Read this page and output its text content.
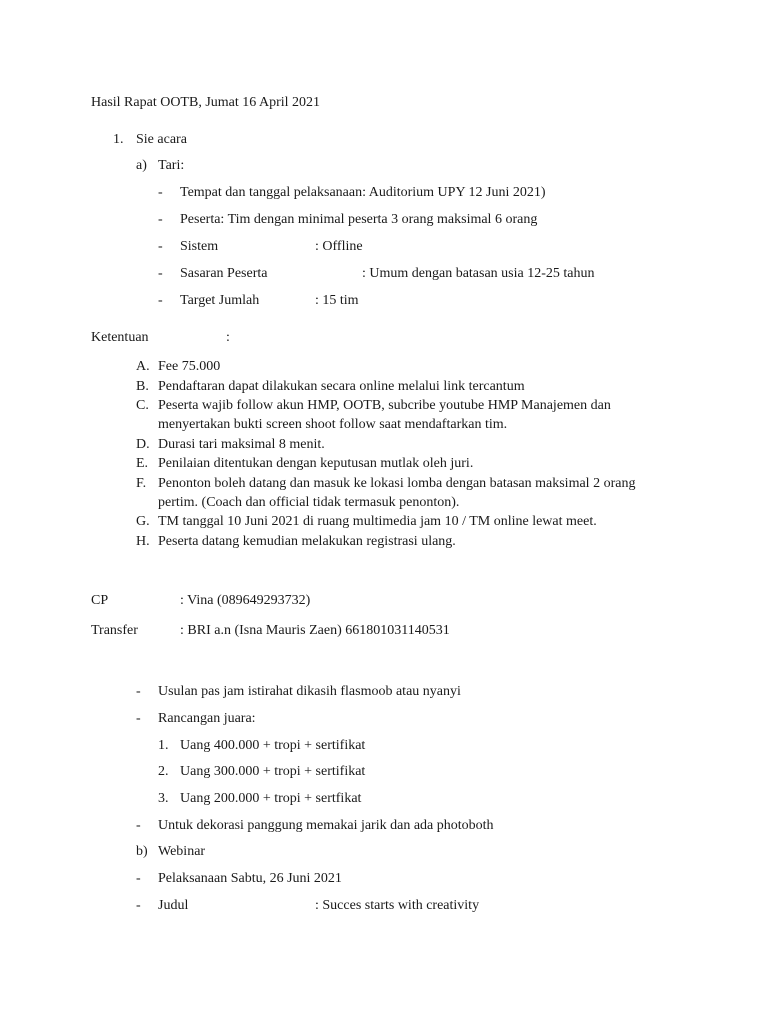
Hasil Rapat OOTB, Jumat 16 April 2021
1. Sie acara
a) Tari:
- Tempat dan tanggal pelaksanaan: Auditorium UPY 12 Juni 2021)
- Peserta: Tim dengan minimal peserta 3 orang maksimal 6 orang
- Sistem	: Offline
- Sasaran Peserta	: Umum dengan batasan usia 12-25 tahun
- Target Jumlah	: 15 tim
Ketentuan	:
A. Fee 75.000
B. Pendaftaran dapat dilakukan secara online melalui link tercantum
C. Peserta wajib follow akun HMP, OOTB, subcribe youtube HMP Manajemen dan
menyertakan bukti screen shoot follow saat mendaftarkan tim.
D. Durasi tari maksimal 8 menit.
E. Penilaian ditentukan dengan keputusan mutlak oleh juri.
F. Penonton boleh datang dan masuk ke lokasi lomba dengan batasan maksimal 2 orang
pertim. (Coach dan official tidak termasuk penonton).
G. TM tanggal 10 Juni 2021 di ruang multimedia jam 10 / TM online lewat meet.
H. Peserta datang kemudian melakukan registrasi ulang.
CP	: Vina (089649293732)
Transfer	: BRI a.n (Isna Mauris Zaen) 661801031140531
- Usulan pas jam istirahat dikasih flasmoob atau nyanyi
- Rancangan juara:
1. Uang 400.000 + tropi + sertifikat
2. Uang 300.000 + tropi + sertifikat
3. Uang 200.000 + tropi + sertfikat
- Untuk dekorasi panggung memakai jarik dan ada photoboth
b) Webinar
- Pelaksanaan Sabtu, 26 Juni 2021
- Judul	: Succes starts with creativity
